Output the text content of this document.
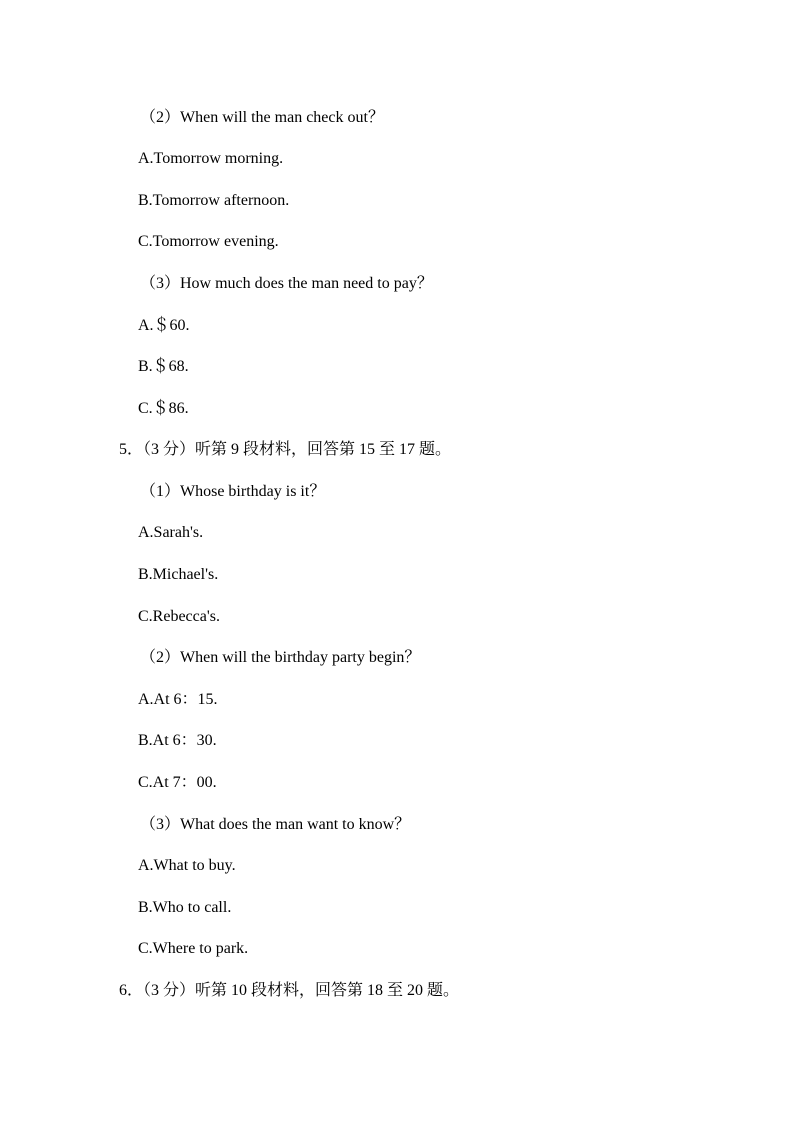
（2）When will the man check out？
A.Tomorrow morning.
B.Tomorrow afternoon.
C.Tomorrow evening.
（3）How much does the man need to pay？
A.＄60.
B.＄68.
C.＄86.
5．（3 分）听第 9 段材料，回答第 15 至 17 题。
（1）Whose birthday is it？
A.Sarah's.
B.Michael's.
C.Rebecca's.
（2）When will the birthday party begin？
A.At 6：15.
B.At 6：30.
C.At 7：00.
（3）What does the man want to know？
A.What to buy.
B.Who to call.
C.Where to park.
6．（3 分）听第 10 段材料，回答第 18 至 20 题。
